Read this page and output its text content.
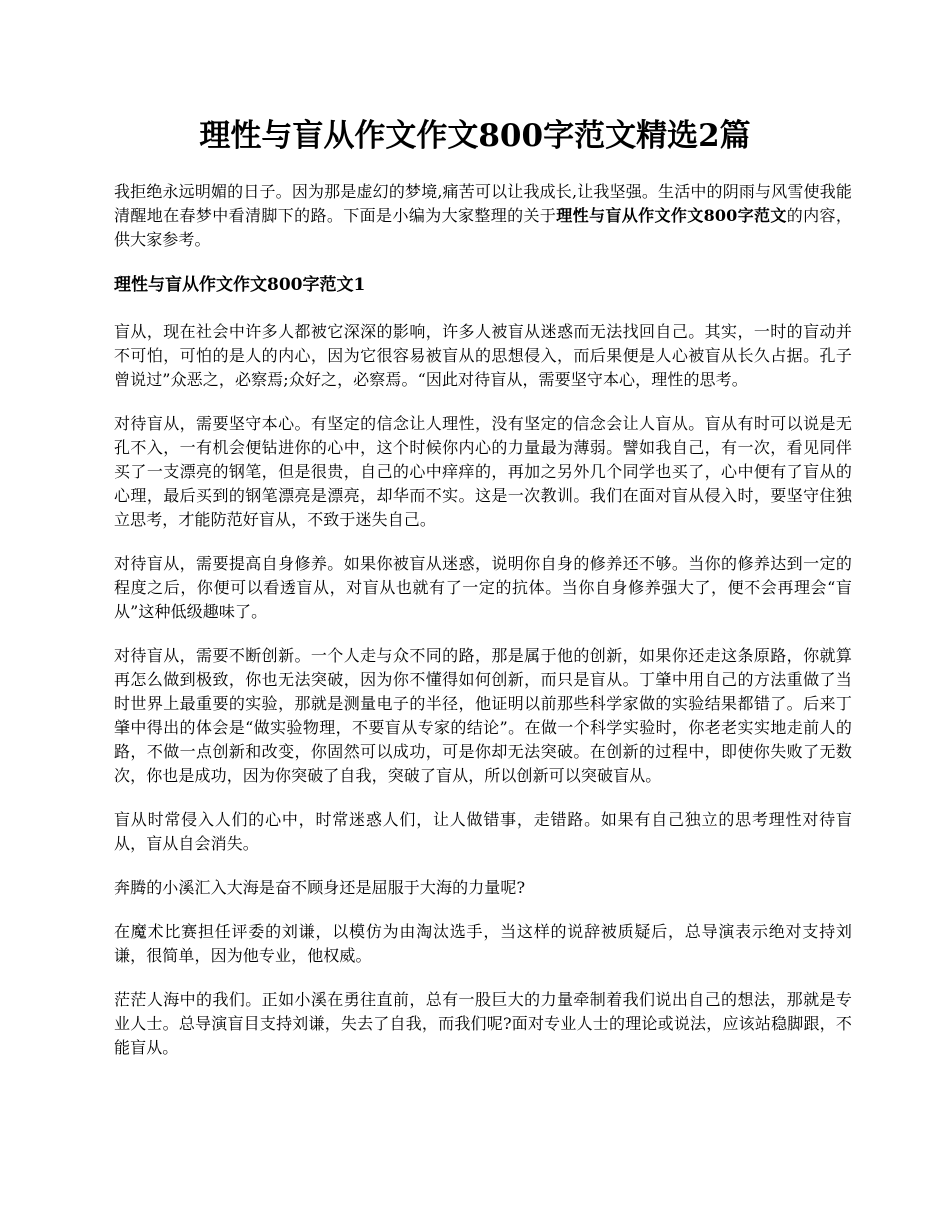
理性与盲从作文作文800字范文精选2篇

我拒绝永远明媚的日子。因为那是虚幻的梦境,痛苦可以让我成长,让我坚强。生活中的阴雨与风雪使我能清醒地在春梦中看清脚下的路。下面是小编为大家整理的关于理性与盲从作文作文800字范文的内容，供大家参考。

理性与盲从作文作文800字范文1

盲从，现在社会中许多人都被它深深的影响，许多人被盲从迷惑而无法找回自己。其实，一时的盲动并不可怕，可怕的是人的内心，因为它很容易被盲从的思想侵入，而后果便是人心被盲从长久占据。孔子曾说过”众恶之，必察焉;众好之，必察焉。“因此对待盲从，需要坚守本心，理性的思考。

对待盲从，需要坚守本心。有坚定的信念让人理性，没有坚定的信念会让人盲从。盲从有时可以说是无孔不入，一有机会便钻进你的心中，这个时候你内心的力量最为薄弱。譬如我自己，有一次，看见同伴买了一支漂亮的钢笔，但是很贵，自己的心中痒痒的，再加之另外几个同学也买了，心中便有了盲从的心理，最后买到的钢笔漂亮是漂亮，却华而不实。这是一次教训。我们在面对盲从侵入时，要坚守住独立思考，才能防范好盲从，不致于迷失自己。

对待盲从，需要提高自身修养。如果你被盲从迷惑，说明你自身的修养还不够。当你的修养达到一定的程度之后，你便可以看透盲从，对盲从也就有了一定的抗体。当你自身修养强大了，便不会再理会“盲从”这种低级趣味了。

对待盲从，需要不断创新。一个人走与众不同的路，那是属于他的创新，如果你还走这条原路，你就算再怎么做到极致，你也无法突破，因为你不懂得如何创新，而只是盲从。丁肇中用自己的方法重做了当时世界上最重要的实验，那就是测量电子的半径，他证明以前那些科学家做的实验结果都错了。后来丁肇中得出的体会是“做实验物理，不要盲从专家的结论”。在做一个科学实验时，你老老实实地走前人的路，不做一点创新和改变，你固然可以成功，可是你却无法突破。在创新的过程中，即使你失败了无数次，你也是成功，因为你突破了自我，突破了盲从，所以创新可以突破盲从。

盲从时常侵入人们的心中，时常迷惑人们，让人做错事，走错路。如果有自己独立的思考理性对待盲从，盲从自会消失。

奔腾的小溪汇入大海是奋不顾身还是屈服于大海的力量呢?

在魔术比赛担任评委的刘谦，以模仿为由淘汰选手，当这样的说辞被质疑后，总导演表示绝对支持刘谦，很简单，因为他专业，他权威。

茫茫人海中的我们。正如小溪在勇往直前，总有一股巨大的力量牵制着我们说出自己的想法，那就是专业人士。总导演盲目支持刘谦，失去了自我，而我们呢?面对专业人士的理论或说法，应该站稳脚跟，不能盲从。
